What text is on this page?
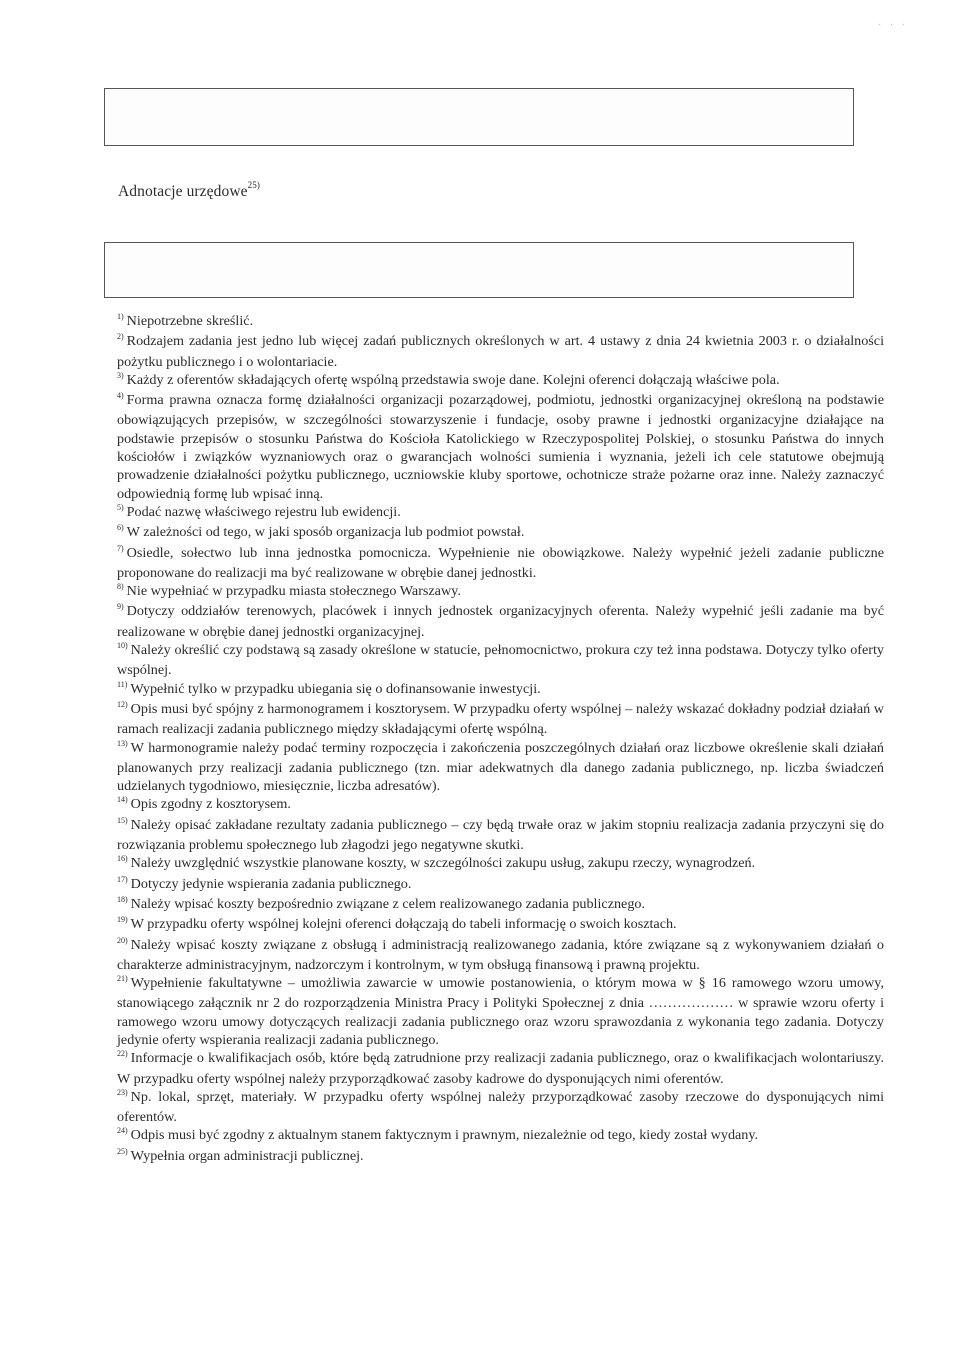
· · ·
Adnotacje urzędowe$^{25)}$

$^{1)}$ Niepotrzebne skreślić.

$^{2)}$ Rodzajem zadania jest jedno lub więcej zadań publicznych określonych w art. 4 ustawy z dnia 24 kwietnia 2003 r. o działalności pożytku publicznego i o wolontariacie.

$^{3)}$ Każdy z oferentów składających ofertę wspólną przedstawia swoje dane. Kolejni oferenci dołączają właściwe pola.

$^{4)}$ Forma prawna oznacza formę działalności organizacji pozarządowej, podmiotu, jednostki organizacyjnej określoną na podstawie obowiązujących przepisów, w szczególności stowarzyszenie i fundacje, osoby prawne i jednostki organizacyjne działające na podstawie przepisów o stosunku Państwa do Kościoła Katolickiego w Rzeczypospolitej Polskiej, o stosunku Państwa do innych kościołów i związków wyznaniowych oraz o gwarancjach wolności sumienia i wyznania, jeżeli ich cele statutowe obejmują prowadzenie działalności pożytku publicznego, uczniowskie kluby sportowe, ochotnicze straże pożarne oraz inne. Należy zaznaczyć odpowiednią formę lub wpisać inną.

$^{5)}$ Podać nazwę właściwego rejestru lub ewidencji.

$^{6)}$ W zależności od tego, w jaki sposób organizacja lub podmiot powstał.

$^{7)}$ Osiedle, sołectwo lub inna jednostka pomocnicza. Wypełnienie nie obowiązkowe. Należy wypełnić jeżeli zadanie publiczne proponowane do realizacji ma być realizowane w obrębie danej jednostki.

$^{8)}$ Nie wypełniać w przypadku miasta stołecznego Warszawy.

$^{9)}$ Dotyczy oddziałów terenowych, placówek i innych jednostek organizacyjnych oferenta. Należy wypełnić jeśli zadanie ma być realizowane w obrębie danej jednostki organizacyjnej.

$^{10)}$ Należy określić czy podstawą są zasady określone w statucie, pełnomocnictwo, prokura czy też inna podstawa. Dotyczy tylko oferty wspólnej.

$^{11)}$ Wypełnić tylko w przypadku ubiegania się o dofinansowanie inwestycji.

$^{12)}$ Opis musi być spójny z harmonogramem i kosztorysem. W przypadku oferty wspólnej – należy wskazać dokładny podział działań w ramach realizacji zadania publicznego między składającymi ofertę wspólną.

$^{13)}$ W harmonogramie należy podać terminy rozpoczęcia i zakończenia poszczególnych działań oraz liczbowe określenie skali działań planowanych przy realizacji zadania publicznego (tzn. miar adekwatnych dla danego zadania publicznego, np. liczba świadczeń udzielanych tygodniowo, miesięcznie, liczba adresatów).

$^{14)}$ Opis zgodny z kosztorysem.

$^{15)}$ Należy opisać zakładane rezultaty zadania publicznego – czy będą trwałe oraz w jakim stopniu realizacja zadania przyczyni się do rozwiązania problemu społecznego lub złagodzi jego negatywne skutki.

$^{16)}$ Należy uwzględnić wszystkie planowane koszty, w szczególności zakupu usług, zakupu rzeczy, wynagrodzeń.

$^{17)}$ Dotyczy jedynie wspierania zadania publicznego.

$^{18)}$ Należy wpisać koszty bezpośrednio związane z celem realizowanego zadania publicznego.

$^{19)}$ W przypadku oferty wspólnej kolejni oferenci dołączają do tabeli informację o swoich kosztach.

$^{20)}$ Należy wpisać koszty związane z obsługą i administracją realizowanego zadania, które związane są z wykonywaniem działań o charakterze administracyjnym, nadzorczym i kontrolnym, w tym obsługą finansową i prawną projektu.

$^{21)}$ Wypełnienie fakultatywne – umożliwia zawarcie w umowie postanowienia, o którym mowa w § 16 ramowego wzoru umowy, stanowiącego załącznik nr 2 do rozporządzenia Ministra Pracy i Polityki Społecznej z dnia ……………… w sprawie wzoru oferty i ramowego wzoru umowy dotyczących realizacji zadania publicznego oraz wzoru sprawozdania z wykonania tego zadania. Dotyczy jedynie oferty wspierania realizacji zadania publicznego.

$^{22)}$ Informacje o kwalifikacjach osób, które będą zatrudnione przy realizacji zadania publicznego, oraz o kwalifikacjach wolontariuszy. W przypadku oferty wspólnej należy przyporządkować zasoby kadrowe do dysponujących nimi oferentów.

$^{23)}$ Np. lokal, sprzęt, materiały. W przypadku oferty wspólnej należy przyporządkować zasoby rzeczowe do dysponujących nimi oferentów.

$^{24)}$ Odpis musi być zgodny z aktualnym stanem faktycznym i prawnym, niezależnie od tego, kiedy został wydany.

$^{25)}$ Wypełnia organ administracji publicznej.
